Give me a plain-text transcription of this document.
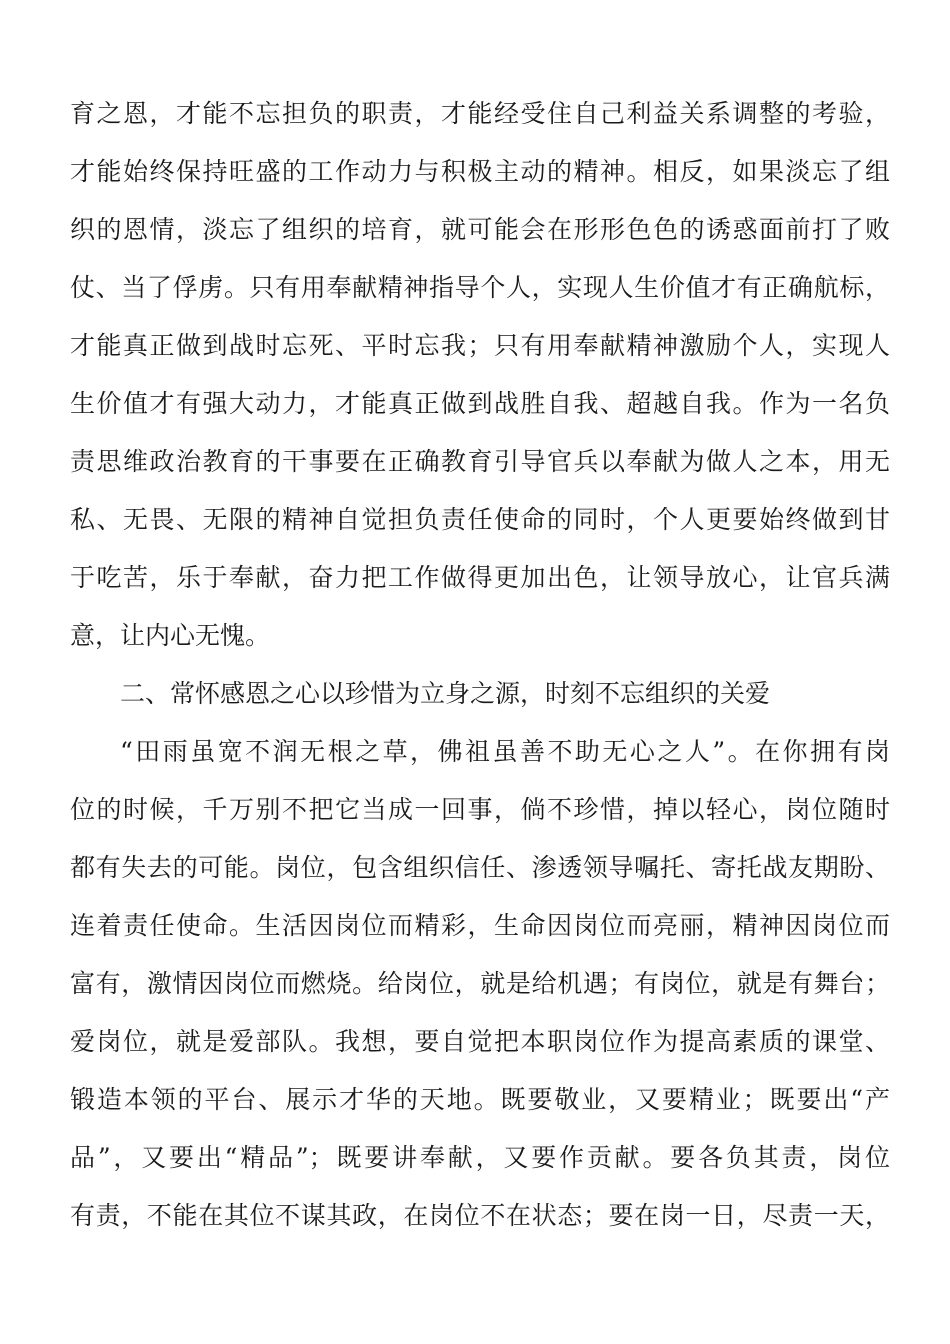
育之恩，才能不忘担负的职责，才能经受住自己利益关系调整的考验，
才能始终保持旺盛的工作动力与积极主动的精神。相反，如果淡忘了组
织的恩情，淡忘了组织的培育，就可能会在形形色色的诱惑面前打了败
仗、当了俘虏。只有用奉献精神指导个人，实现人生价值才有正确航标，
才能真正做到战时忘死、平时忘我；只有用奉献精神激励个人，实现人
生价值才有强大动力，才能真正做到战胜自我、超越自我。作为一名负
责思维政治教育的干事要在正确教育引导官兵以奉献为做人之本，用无
私、无畏、无限的精神自觉担负责任使命的同时，个人更要始终做到甘
于吃苦，乐于奉献，奋力把工作做得更加出色，让领导放心，让官兵满
意，让内心无愧。
二、常怀感恩之心以珍惜为立身之源，时刻不忘组织的关爱
“田雨虽宽不润无根之草，佛祖虽善不助无心之人”。在你拥有岗
位的时候，千万别不把它当成一回事，倘不珍惜，掉以轻心，岗位随时
都有失去的可能。岗位，包含组织信任、渗透领导嘱托、寄托战友期盼、
连着责任使命。生活因岗位而精彩，生命因岗位而亮丽，精神因岗位而
富有，激情因岗位而燃烧。给岗位，就是给机遇；有岗位，就是有舞台；
爱岗位，就是爱部队。我想，要自觉把本职岗位作为提高素质的课堂、
锻造本领的平台、展示才华的天地。既要敬业，又要精业；既要出“产
品”，又要出“精品”；既要讲奉献，又要作贡献。要各负其责，岗位
有责，不能在其位不谋其政，在岗位不在状态；要在岗一日，尽责一天，
